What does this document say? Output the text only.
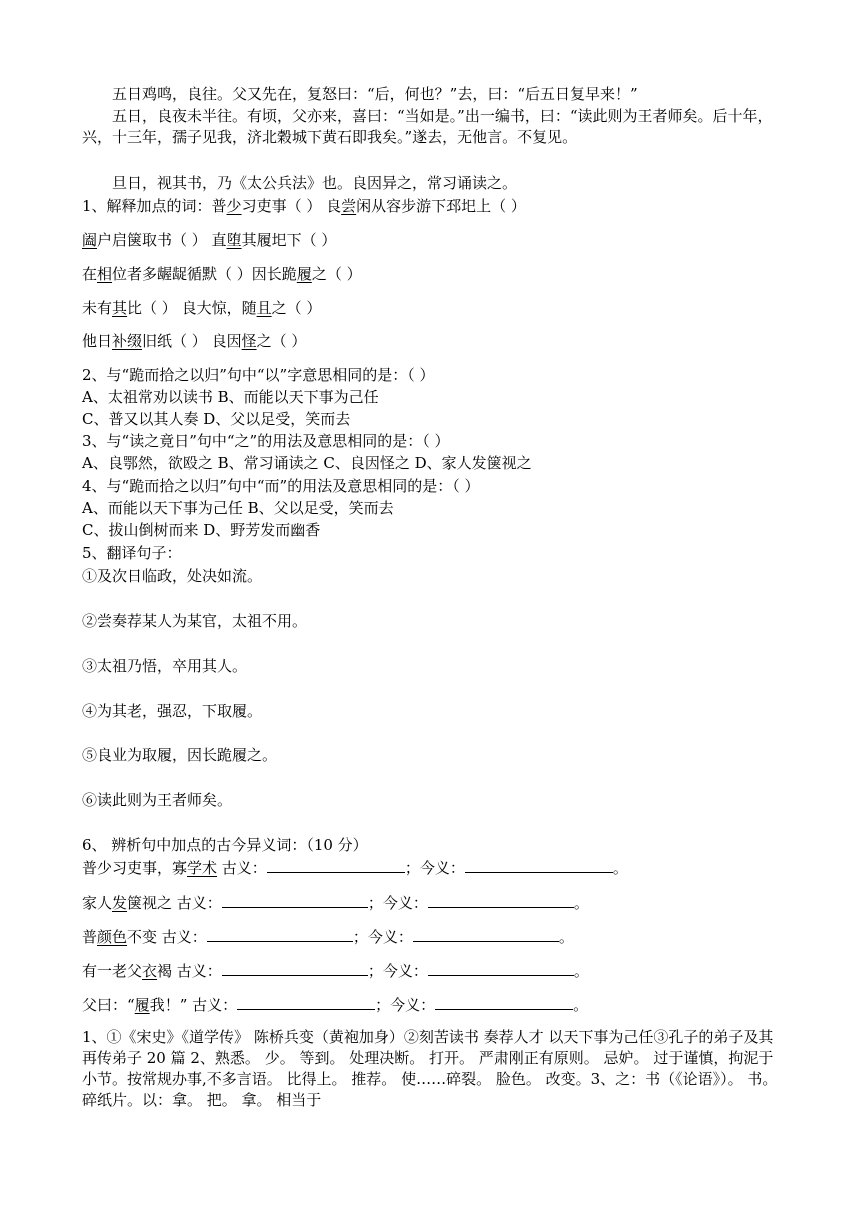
五日鸡鸣，良往。父又先在，复怒曰：“后，何也？”去，曰：“后五日复早来！”

五日，良夜未半往。有顷，父亦来，喜曰：“当如是。”出一编书，曰：“读此则为王者师矣。后十年，兴，十三年，孺子见我，济北穀城下黄石即我矣。”遂去，无他言。不复见。

旦日，视其书，乃《太公兵法》也。良因异之，常习诵读之。

1、解释加点的词：普少习吏事（ ） 良尝闲从容步游下邳圯上（ ）
阖户启箧取书（ ） 直堕其履圯下（ ）
在相位者多龌龊循默（ ）因长跪履之（ ）
未有其比（ ） 良大惊，随且之（ ）
他日补缀旧纸（ ） 良因怪之（ ）
2、与“跪而拾之以归”句中“以”字意思相同的是：（ ）
A、太祖常劝以读书 B、而能以天下事为己任
C、普又以其人奏 D、父以足受，笑而去
3、与“读之竟日”句中“之”的用法及意思相同的是：（ ）
A、良鄂然，欲殴之 B、常习诵读之 C、良因怪之 D、家人发箧视之
4、与“跪而拾之以归”句中“而”的用法及意思相同的是：（ ）
A、而能以天下事为己任 B、父以足受，笑而去
C、拔山倒树而来 D、野芳发而幽香
5、翻译句子：
①及次日临政，处决如流。
②尝奏荐某人为某官，太祖不用。
③太祖乃悟，卒用其人。
④为其老，强忍，下取履。
⑤良业为取履，因长跪履之。
⑥读此则为王者师矣。
6、 辨析句中加点的古今异义词：（10 分）
普少习吏事，寡学术 古义：	；今义：	。
家人发箧视之 古义：	；今义：	。
普颜色不变 古义：	；今义：	。
有一老父衣褐 古义：	；今义：	。
父曰：“履我！” 古义：	；今义：	。

1、①《宋史》《道学传》 陈桥兵变（黄袍加身）②刻苦读书 奏荐人才 以天下事为己任③孔子的弟子及其再传弟子 20 篇 2、熟悉。 少。 等到。 处理决断。 打开。 严肃刚正有原则。 忌妒。 过于谨慎，拘泥于小节。按常规办事,不多言语。 比得上。 推荐。 使……碎裂。 脸色。 改变。3、之：书（《论语》）。 书。 碎纸片。以：拿。 把。 拿。 相当于
